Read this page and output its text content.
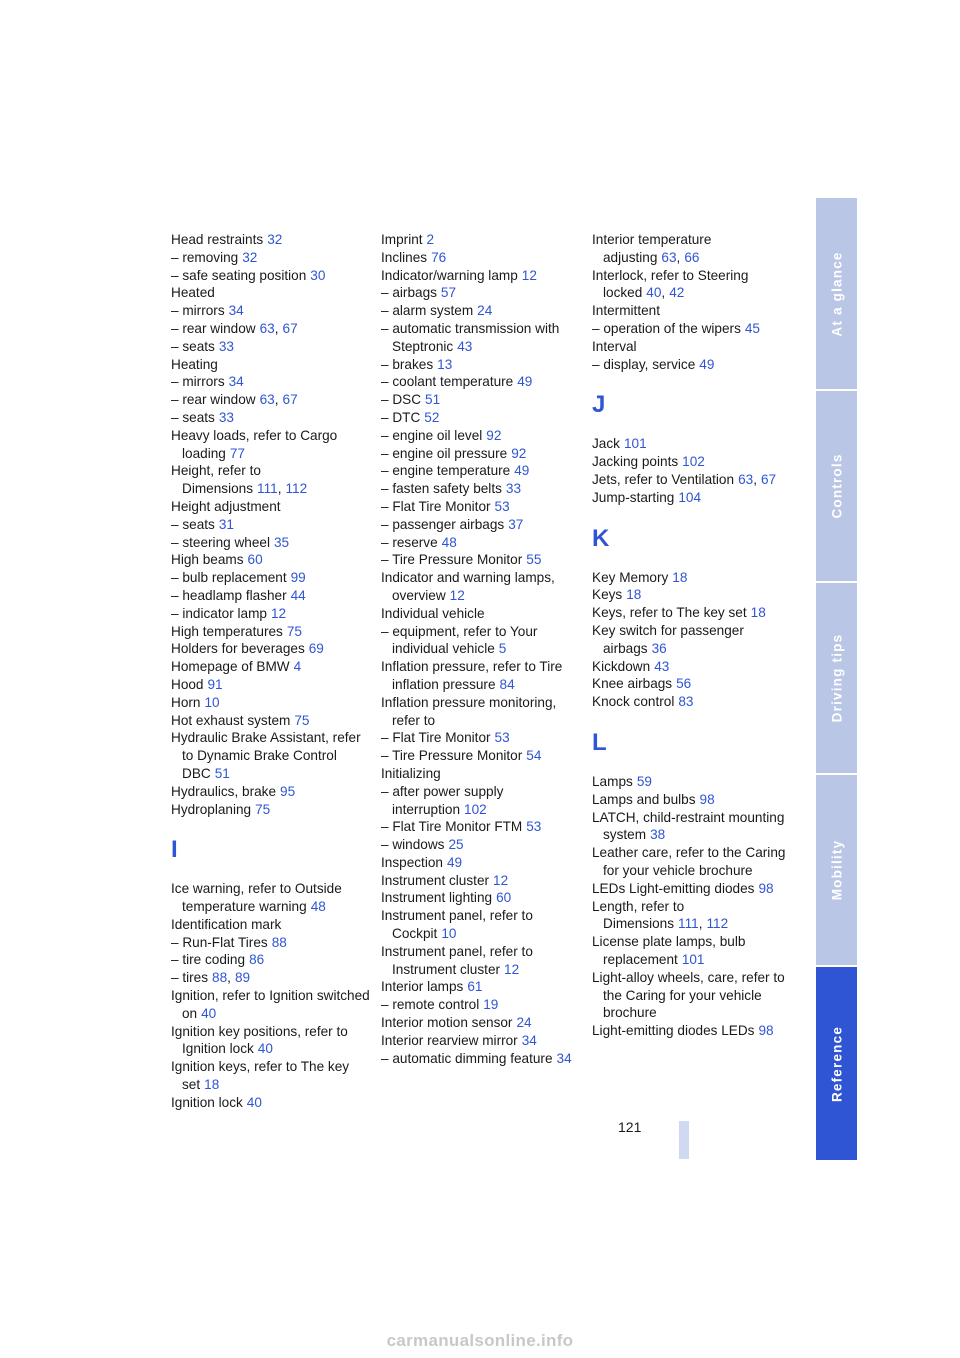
Head restraints 32
– removing 32
– safe seating position 30
Heated
– mirrors 34
– rear window 63, 67
– seats 33
Heating
– mirrors 34
– rear window 63, 67
– seats 33
Heavy loads, refer to Cargo loading 77
Height, refer to Dimensions 111, 112
Height adjustment
– seats 31
– steering wheel 35
High beams 60
– bulb replacement 99
– headlamp flasher 44
– indicator lamp 12
High temperatures 75
Holders for beverages 69
Homepage of BMW 4
Hood 91
Horn 10
Hot exhaust system 75
Hydraulic Brake Assistant, refer to Dynamic Brake Control DBC 51
Hydraulics, brake 95
Hydroplaning 75
I
Ice warning, refer to Outside temperature warning 48
Identification mark
– Run-Flat Tires 88
– tire coding 86
– tires 88, 89
Ignition, refer to Ignition switched on 40
Ignition key positions, refer to Ignition lock 40
Ignition keys, refer to The key set 18
Ignition lock 40
Imprint 2
Inclines 76
Indicator/warning lamp 12
– airbags 57
– alarm system 24
– automatic transmission with Steptronic 43
– brakes 13
– coolant temperature 49
– DSC 51
– DTC 52
– engine oil level 92
– engine oil pressure 92
– engine temperature 49
– fasten safety belts 33
– Flat Tire Monitor 53
– passenger airbags 37
– reserve 48
– Tire Pressure Monitor 55
Indicator and warning lamps, overview 12
Individual vehicle
– equipment, refer to Your individual vehicle 5
Inflation pressure, refer to Tire inflation pressure 84
Inflation pressure monitoring, refer to
– Flat Tire Monitor 53
– Tire Pressure Monitor 54
Initializing
– after power supply interruption 102
– Flat Tire Monitor FTM 53
– windows 25
Inspection 49
Instrument cluster 12
Instrument lighting 60
Instrument panel, refer to Cockpit 10
Instrument panel, refer to Instrument cluster 12
Interior lamps 61
– remote control 19
Interior motion sensor 24
Interior rearview mirror 34
– automatic dimming feature 34
Interior temperature adjusting 63, 66
Interlock, refer to Steering locked 40, 42
Intermittent
– operation of the wipers 45
Interval
– display, service 49
J
Jack 101
Jacking points 102
Jets, refer to Ventilation 63, 67
Jump-starting 104
K
Key Memory 18
Keys 18
Keys, refer to The key set 18
Key switch for passenger airbags 36
Kickdown 43
Knee airbags 56
Knock control 83
L
Lamps 59
Lamps and bulbs 98
LATCH, child-restraint mounting system 38
Leather care, refer to the Caring for your vehicle brochure
LEDs Light-emitting diodes 98
Length, refer to Dimensions 111, 112
License plate lamps, bulb replacement 101
Light-alloy wheels, care, refer to the Caring for your vehicle brochure
Light-emitting diodes LEDs 98
At a glance
Controls
Driving tips
Mobility
Reference
121
carmanualsonline.info
